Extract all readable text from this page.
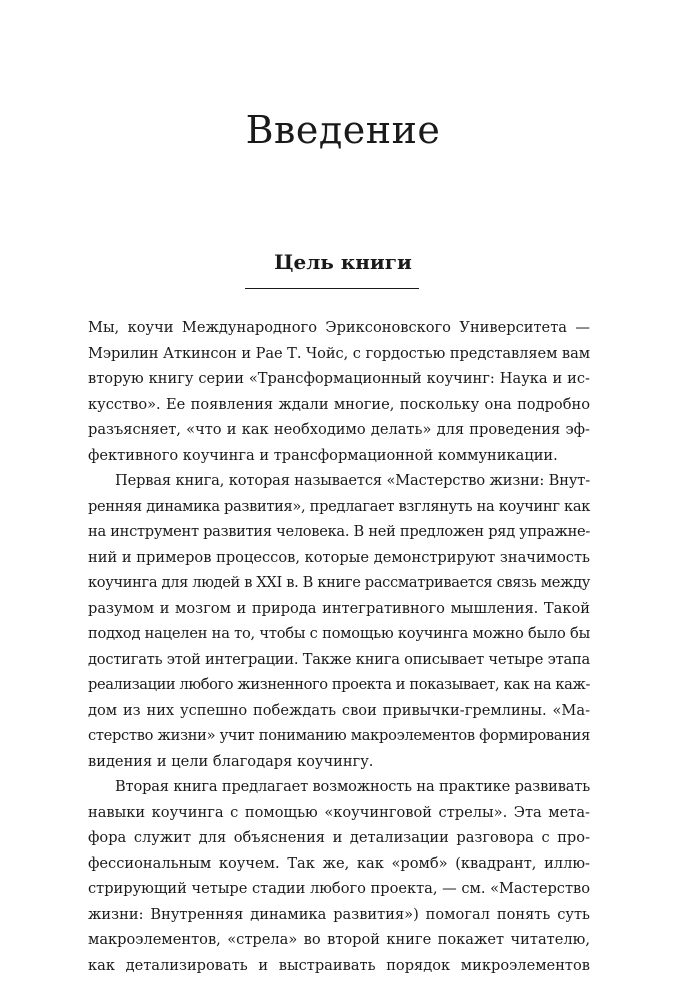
Введение
Цель книги
Мы, коучи Международного Эриксоновского Университета —
Мэрилин Аткинсон и Рае Т. Чойс, с гордостью представляем вам
вторую книгу серии «Трансформационный коучинг: Наука и ис-
кусство». Ее появления ждали многие, поскольку она подробно
разъясняет, «что и как необходимо делать» для проведения эф-
фективного коучинга и трансформационной коммуникации.
Первая книга, которая называется «Мастерство жизни: Внут-
ренняя динамика развития», предлагает взглянуть на коучинг как
на инструмент развития человека. В ней предложен ряд упражне-
ний и примеров процессов, которые демонстрируют значимость
коучинга для людей в XXI в. В книге рассматривается связь между
разумом и мозгом и природа интегративного мышления. Такой
подход нацелен на то, чтобы с помощью коучинга можно было бы
достигать этой интеграции. Также книга описывает четыре этапа
реализации любого жизненного проекта и показывает, как на каж-
дом из них успешно побеждать свои привычки-гремлины. «Ма-
стерство жизни» учит пониманию макроэлементов формирования
видения и цели благодаря коучингу.
Вторая книга предлагает возможность на практике развивать
навыки коучинга с помощью «коучинговой стрелы». Эта мета-
фора служит для объяснения и детализации разговора с про-
фессиональным коучем. Так же, как «ромб» (квадрант, иллю-
стрирующий четыре стадии любого проекта, — см. «Мастерство
жизни: Внутренняя динамика развития») помогал понять суть
макроэлементов, «стрела» во второй книге покажет читателю,
как детализировать и выстраивать порядок микроэлементов
